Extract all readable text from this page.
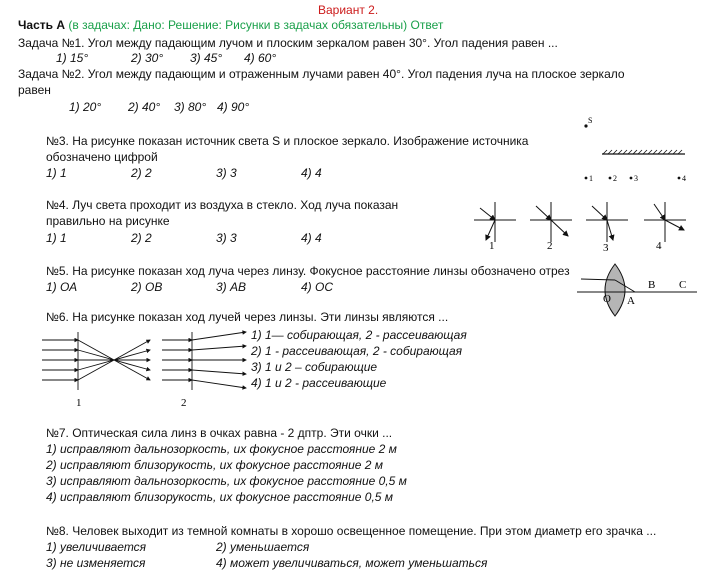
Вариант 2.
Часть А (в задачах: Дано: Решение: Рисунки в задачах обязательны) Ответ
Задача №1. Угол между падающим лучом и плоским зеркалом равен 30°. Угол падения равен ...
1) 15°	2) 30° 3) 45° 4) 60°
Задача №2. Угол между падающим и отраженным лучами равен 40°. Угол падения луча на плоское зеркало
равен
1) 20° 2) 40° 3) 80° 4) 90°
№3. На рисунке показан источник света S и плоское зеркало. Изображение источника
обозначено цифрой
1) 1	2) 2	3) 3	4) 4
S
1	2 3	4
№4. Луч света проходит из воздуха в стекло. Ход луча показан
правильно на рисунке
1) 1	2) 2	3) 3	4) 4
1	2	3	4
№5. На рисунке показан ход луча через линзу. Фокусное расстояние линзы обозначено отрез
1) ОА	2) ОВ	3) АВ	4) ОС
O A
B C
№6. На рисунке показан ход лучей через линзы. Эти линзы являются ...
1) 1— собирающая, 2 - рассеивающая
2) 1 - рассеивающая, 2 - собирающая
3) 1 и 2 – собирающие
4) 1 и 2 - рассеивающие
1	2
№7. Оптическая сила линз в очках равна - 2 дптр. Эти очки ...
1) исправляют дальнозоркость, их фокусное расстояние 2 м
2) исправляют близорукость, их фокусное расстояние 2 м
3) исправляют дальнозоркость, их фокусное расстояние 0,5 м
4) исправляют близорукость, их фокусное расстояние 0,5 м
№8. Человек выходит из темной комнаты в хорошо освещенное помещение. При этом диаметр его зрачка ...
1) увеличивается	2) уменьшается
3) не изменяется	4) может увеличиваться, может уменьшаться
